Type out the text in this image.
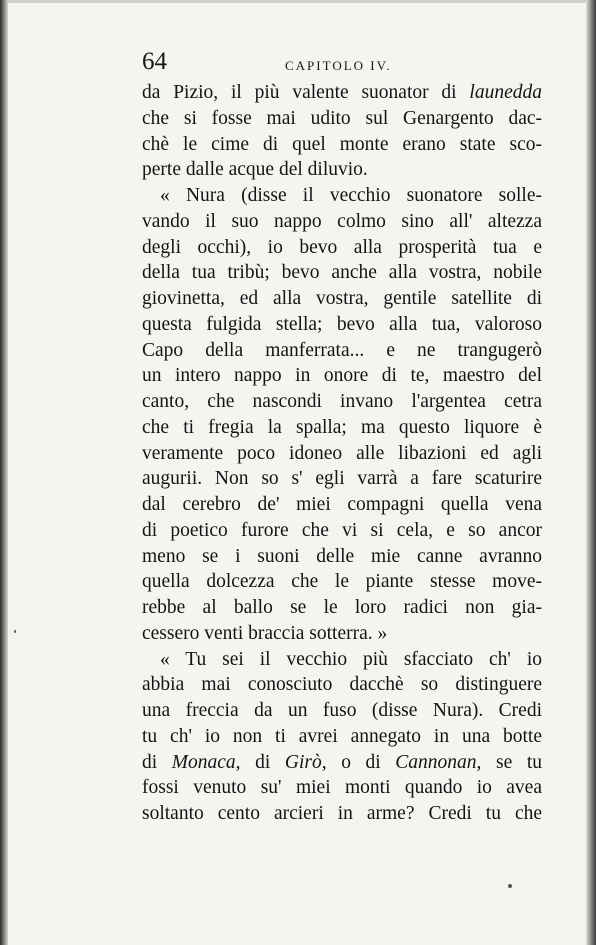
64	CAPITOLO IV.
da Pizio, il più valente suonator di launedda
che si fosse mai udito sul Genargento dac-
chè le cime di quel monte erano state sco-
perte dalle acque del diluvio.
« Nura (disse il vecchio suonatore solle-
vando il suo nappo colmo sino all' altezza
degli occhi), io bevo alla prosperità tua e
della tua tribù; bevo anche alla vostra, nobile
giovinetta, ed alla vostra, gentile satellite di
questa fulgida stella; bevo alla tua, valoroso
Capo della manferrata... e ne trangugerò
un intero nappo in onore di te, maestro del
canto, che nascondi invano l'argentea cetra
che ti fregia la spalla; ma questo liquore è
veramente poco idoneo alle libazioni ed agli
augurii. Non so s' egli varrà a fare scaturire
dal cerebro de' miei compagni quella vena
di poetico furore che vi si cela, e so ancor
meno se i suoni delle mie canne avranno
quella dolcezza che le piante stesse move-
rebbe al ballo se le loro radici non gia-
cessero venti braccia sotterra. »
« Tu sei il vecchio più sfacciato ch' io
abbia mai conosciuto dacchè so distinguere
una freccia da un fuso (disse Nura). Credi
tu ch' io non ti avrei annegato in una botte
di Monaca, di Girò, o di Cannonan, se tu
fossi venuto su' miei monti quando io avea
soltanto cento arcieri in arme? Credi tu che
